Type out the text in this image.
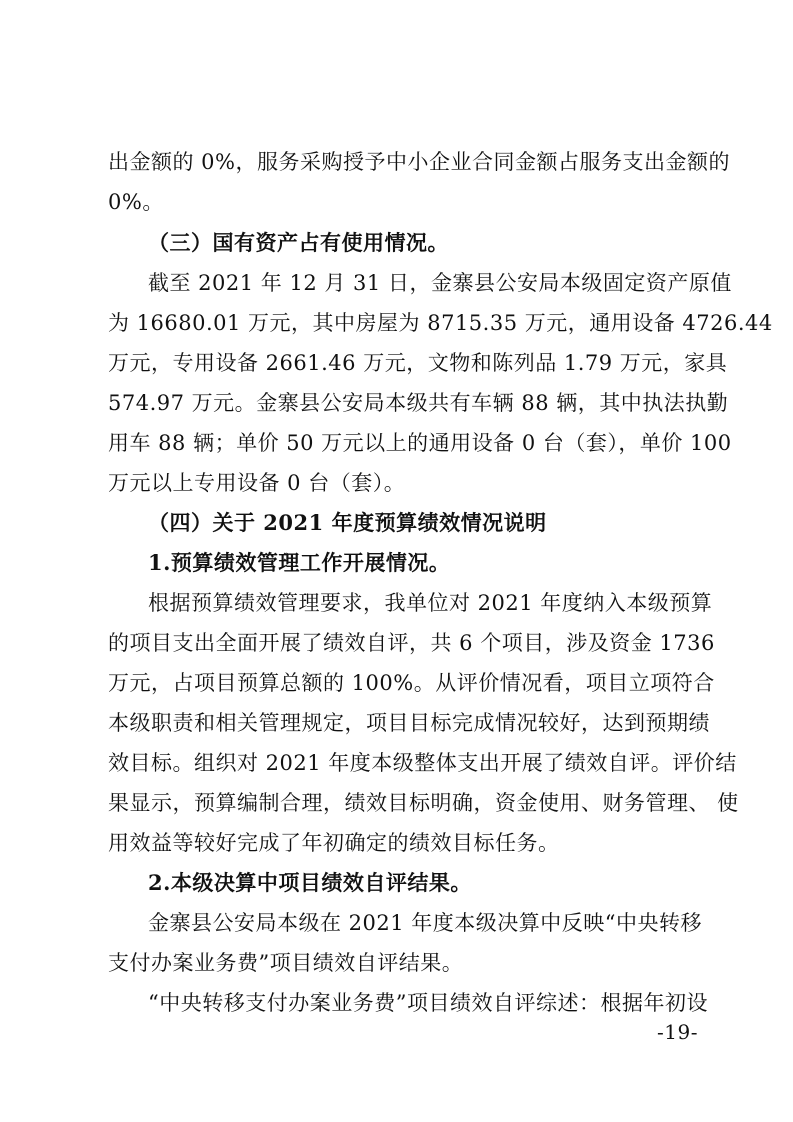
出金额的 0%，服务采购授予中小企业合同金额占服务支出金额的
0%。
（三）国有资产占有使用情况。
截至 2021 年 12 月 31 日，金寨县公安局本级固定资产原值
为 16680.01 万元，其中房屋为 8715.35 万元，通用设备 4726.44
万元，专用设备 2661.46 万元，文物和陈列品 1.79 万元，家具
574.97 万元。金寨县公安局本级共有车辆 88 辆，其中执法执勤
用车 88 辆；单价 50 万元以上的通用设备 0 台（套），单价 100
万元以上专用设备 0 台（套）。
（四）关于 2021 年度预算绩效情况说明
1.预算绩效管理工作开展情况。
根据预算绩效管理要求，我单位对 2021 年度纳入本级预算
的项目支出全面开展了绩效自评，共 6 个项目，涉及资金 1736
万元，占项目预算总额的 100%。从评价情况看，项目立项符合
本级职责和相关管理规定，项目目标完成情况较好，达到预期绩
效目标。组织对 2021 年度本级整体支出开展了绩效自评。评价结
果显示，预算编制合理，绩效目标明确，资金使用、财务管理、 使
用效益等较好完成了年初确定的绩效目标任务。
2.本级决算中项目绩效自评结果。
金寨县公安局本级在 2021 年度本级决算中反映“中央转移
支付办案业务费”项目绩效自评结果。
“中央转移支付办案业务费”项目绩效自评综述：根据年初设
-19-
